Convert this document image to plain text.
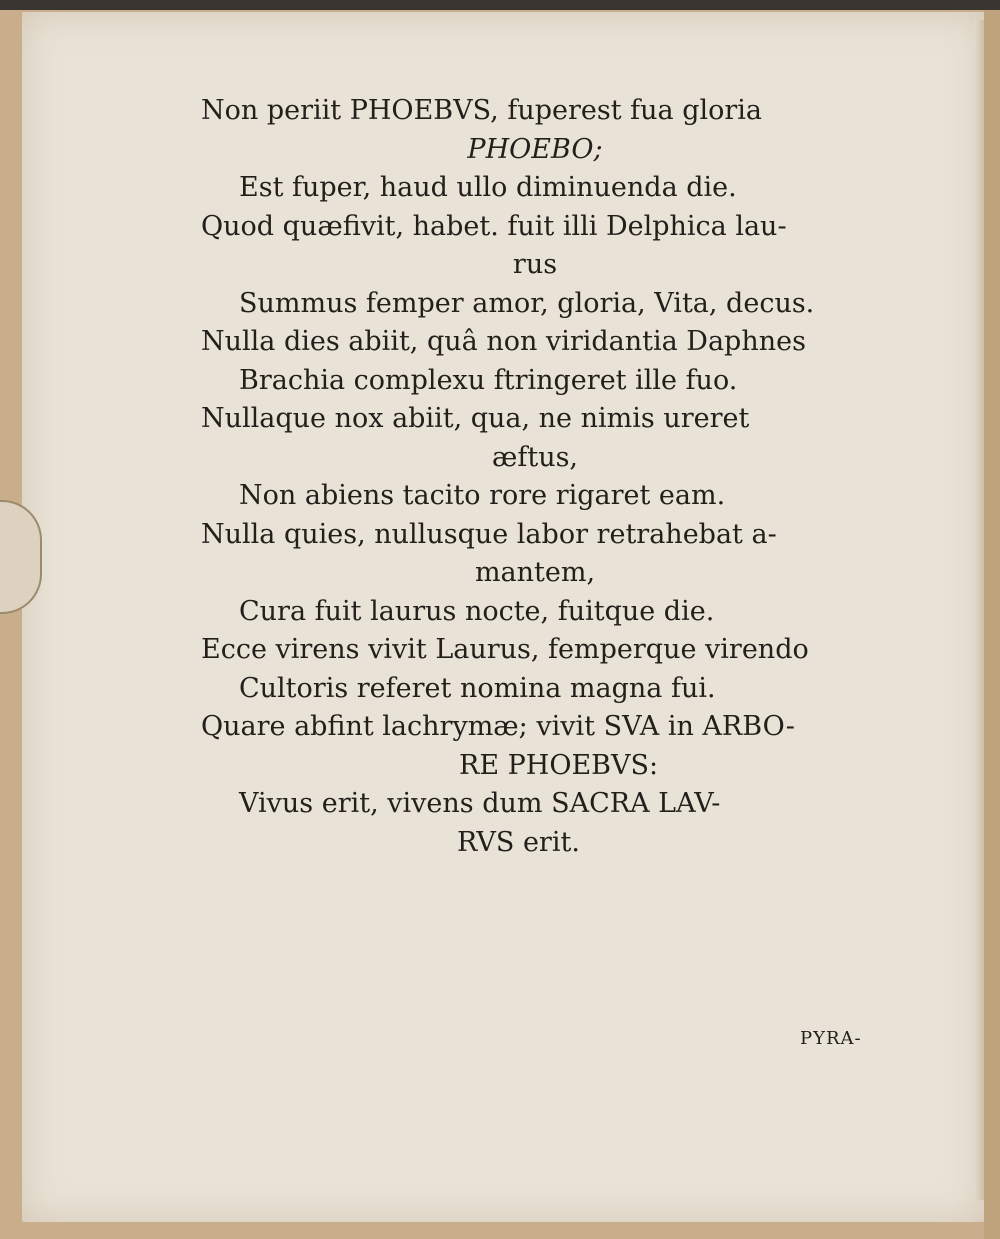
Non periit PHOEBVS, fuperest fua gloria
PHOEBO;
Est fuper, haud ullo diminuenda die.
Quod quæfivit, habet. fuit illi Delphica lau-
rus
Summus femper amor, gloria, Vita, decus.
Nulla dies abiit, quâ non viridantia Daphnes
Brachia complexu ftringeret ille fuo.
Nullaque nox abiit, qua, ne nimis ureret
æftus,
Non abiens tacito rore rigaret eam.
Nulla quies, nullusque labor retrahebat a-
mantem,
Cura fuit laurus nocte, fuitque die.
Ecce virens vivit Laurus, femperque virendo
Cultoris referet nomina magna fui.
Quare abfint lachrymæ; vivit SVA in ARBO-
RE PHOEBVS:
Vivus erit, vivens dum SACRA LAV-
RVS erit.
PYRA-
